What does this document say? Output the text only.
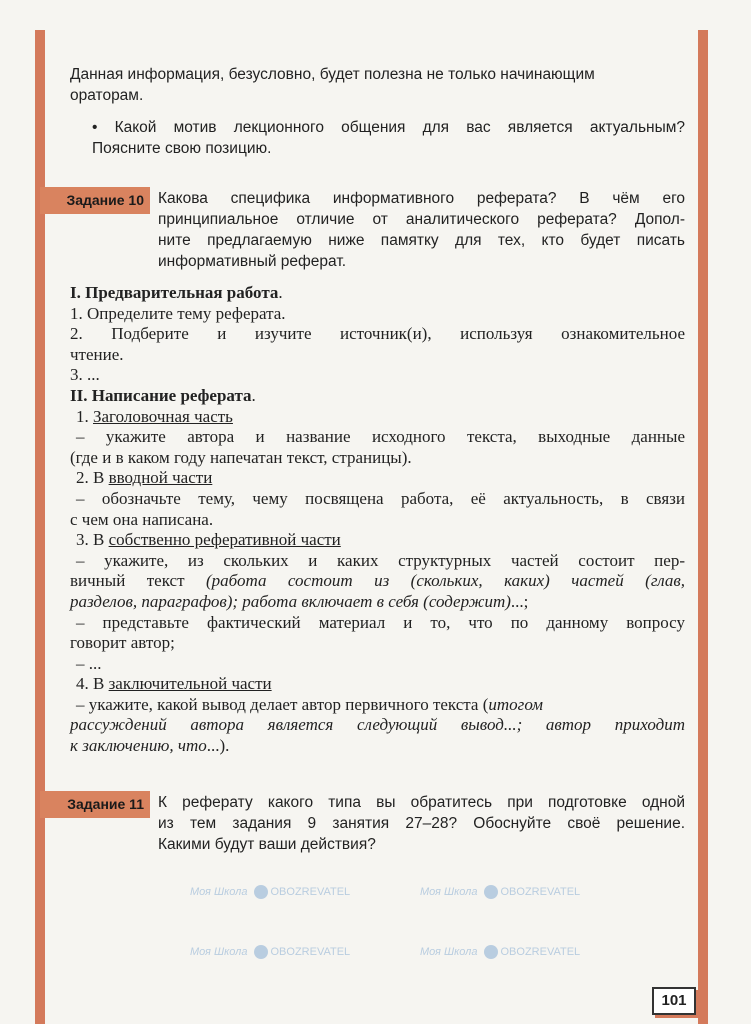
Моя Школа OBOZREVATEL	Моя Школа OBOZREVATEL
Моя Школа OBOZREVATEL	Моя Школа OBOZREVATEL
Данная информация, безусловно, будет полезна не только начинающим
ораторам.
• Какой мотив лекционного общения для вас является актуальным?
Поясните свою позицию.
Задание 10 Какова специфика информативного реферата? В чём его
принципиальное отличие от аналитического реферата? Допол-
ните предлагаемую ниже памятку для тех, кто будет писать
информативный реферат.
I. Предварительная работа.
1. Определите тему реферата.
2. Подберите и изучите источник(и), используя ознакомительное
чтение.
3. ...
II. Написание реферата.
1. Заголовочная часть
– укажите автора и название исходного текста, выходные данные
(где и в каком году напечатан текст, страницы).
2. В вводной части
– обозначьте тему, чему посвящена работа, её актуальность, в связи
с чем она написана.
3. В собственно реферативной части
– укажите, из скольких и каких структурных частей состоит пер-
вичный текст (работа состоит из (скольких, каких) частей (глав,
разделов, параграфов); работа включает в себя (содержит)...;
– представьте фактический материал и то, что по данному вопросу
говорит автор;
– ...
4. В заключительной части
– укажите, какой вывод делает автор первичного текста (итогом
рассуждений автора является следующий вывод...; автор приходит
к заключению, что...).
Задание 11 К реферату какого типа вы обратитесь при подготовке одной
из тем задания 9 занятия 27–28? Обоснуйте своё решение.
Какими будут ваши действия?
101
